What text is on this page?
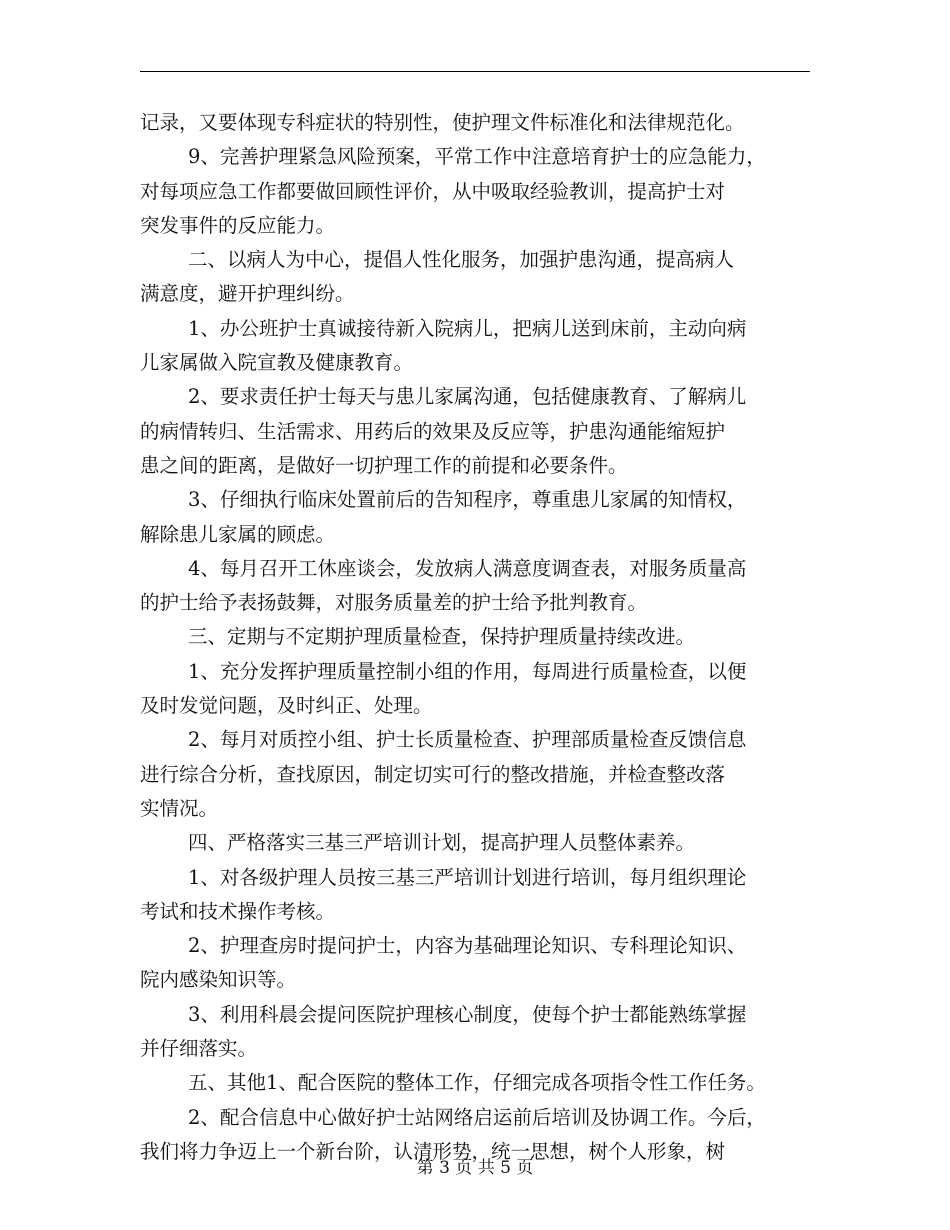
记录，又要体现专科症状的特别性，使护理文件标准化和法律规范化。
9、完善护理紧急风险预案，平常工作中注意培育护士的应急能力，
对每项应急工作都要做回顾性评价，从中吸取经验教训，提高护士对
突发事件的反应能力。
二、以病人为中心，提倡人性化服务，加强护患沟通，提高病人
满意度，避开护理纠纷。
1、办公班护士真诚接待新入院病儿，把病儿送到床前，主动向病
儿家属做入院宣教及健康教育。
2、要求责任护士每天与患儿家属沟通，包括健康教育、了解病儿
的病情转归、生活需求、用药后的效果及反应等，护患沟通能缩短护
患之间的距离，是做好一切护理工作的前提和必要条件。
3、仔细执行临床处置前后的告知程序，尊重患儿家属的知情权，
解除患儿家属的顾虑。
4、每月召开工休座谈会，发放病人满意度调查表，对服务质量高
的护士给予表扬鼓舞，对服务质量差的护士给予批判教育。
三、定期与不定期护理质量检查，保持护理质量持续改进。
1、充分发挥护理质量控制小组的作用，每周进行质量检查，以便
及时发觉问题，及时纠正、处理。
2、每月对质控小组、护士长质量检查、护理部质量检查反馈信息
进行综合分析，查找原因，制定切实可行的整改措施，并检查整改落
实情况。
四、严格落实三基三严培训计划，提高护理人员整体素养。
1、对各级护理人员按三基三严培训计划进行培训，每月组织理论
考试和技术操作考核。
2、护理查房时提问护士，内容为基础理论知识、专科理论知识、
院内感染知识等。
3、利用科晨会提问医院护理核心制度，使每个护士都能熟练掌握
并仔细落实。
五、其他1、配合医院的整体工作，仔细完成各项指令性工作任务。
2、配合信息中心做好护士站网络启运前后培训及协调工作。今后，
我们将力争迈上一个新台阶，认清形势，统一思想，树个人形象，树
第 3 页 共 5 页
